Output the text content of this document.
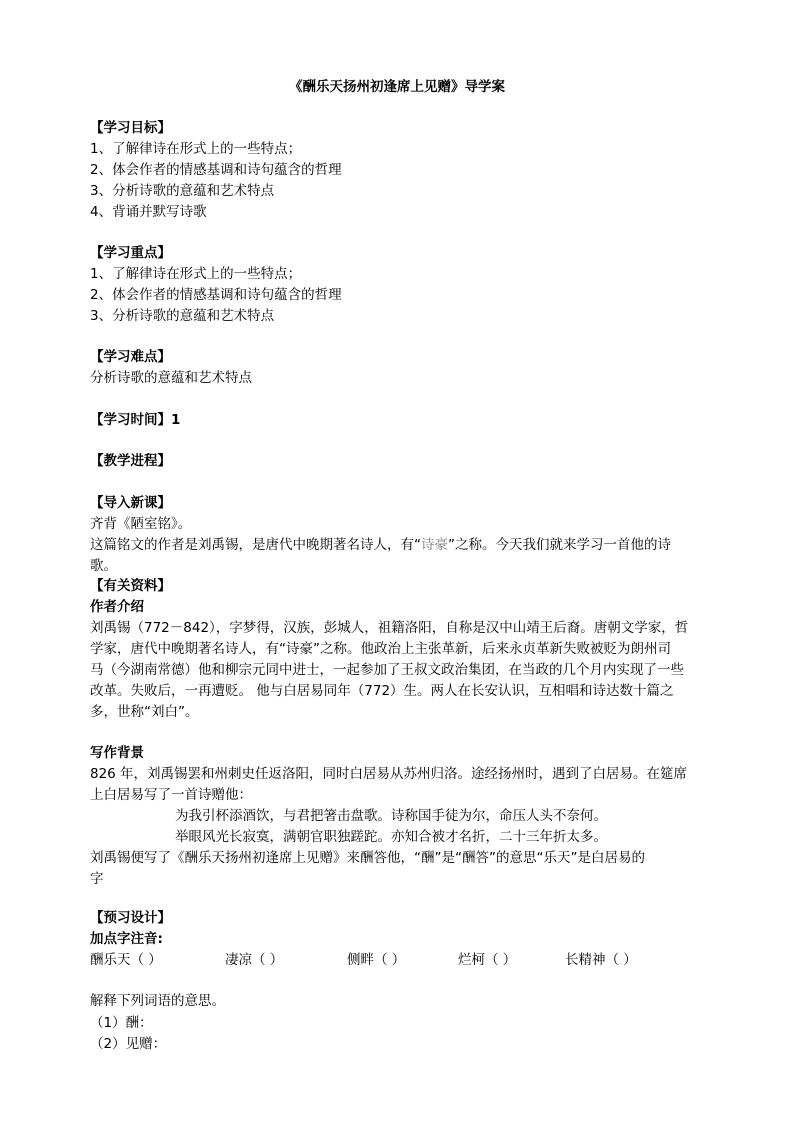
《酬乐天扬州初逢席上见赠》导学案
【学习目标】
1、了解律诗在形式上的一些特点；
2、体会作者的情感基调和诗句蕴含的哲理
3、分析诗歌的意蕴和艺术特点
4、背诵并默写诗歌
【学习重点】
1、了解律诗在形式上的一些特点；
2、体会作者的情感基调和诗句蕴含的哲理
3、分析诗歌的意蕴和艺术特点
【学习难点】
分析诗歌的意蕴和艺术特点
【学习时间】1
【教学进程】
【导入新课】
齐背《陋室铭》。
这篇铭文的作者是刘禹锡，是唐代中晚期著名诗人，有“诗豪”之称。今天我们就来学习一首他的诗
歌。
【有关资料】
作者介绍
刘禹锡（772－842），字梦得，汉族，彭城人，祖籍洛阳，自称是汉中山靖王后裔。唐朝文学家，哲
学家，唐代中晚期著名诗人，有“诗豪”之称。他政治上主张革新，后来永贞革新失败被贬为朗州司
马（今湖南常德）他和柳宗元同中进士，一起参加了王叔文政治集团，在当政的几个月内实现了一些
改革。失败后，一再遭贬。 他与白居易同年（772）生。两人在长安认识，互相唱和诗达数十篇之
多，世称“刘白”。
写作背景
826 年，刘禹锡罢和州刺史任返洛阳，同时白居易从苏州归洛。途经扬州时，遇到了白居易。在筵席
上白居易写了一首诗赠他：
为我引杯添酒饮，与君把箸击盘歌。诗称国手徒为尔，命压人头不奈何。
举眼风光长寂寞，满朝官职独蹉跎。亦知合被才名折，二十三年折太多。
刘禹锡便写了《酬乐天扬州初逢席上见赠》来酬答他，“酬”是“酬答”的意思“乐天”是白居易的
字
【预习设计】
加点字注音:
酬乐天（ ）	凄凉（ ）	侧畔（ ）	烂柯（ ）	长精神（ ）
解释下列词语的意思。
（1）酬：
（2）见赠：
